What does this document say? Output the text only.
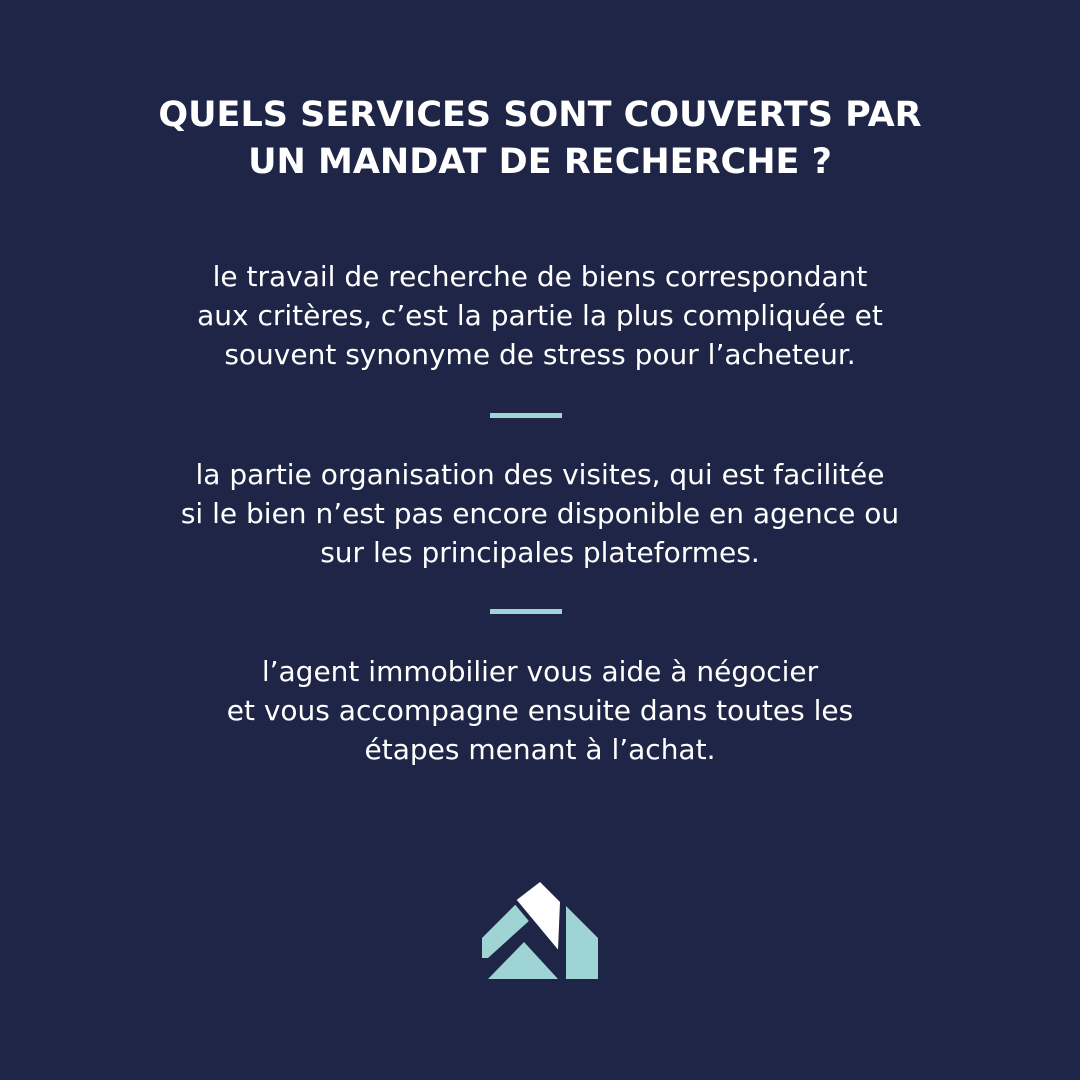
QUELS SERVICES SONT COUVERTS PAR
UN MANDAT DE RECHERCHE ?

le travail de recherche de biens correspondant
aux critères, c’est la partie la plus compliquée et
souvent synonyme de stress pour l’acheteur.

la partie organisation des visites, qui est facilitée
si le bien n’est pas encore disponible en agence ou
sur les principales plateformes.

l’agent immobilier vous aide à négocier
et vous accompagne ensuite dans toutes les
étapes menant à l’achat.
